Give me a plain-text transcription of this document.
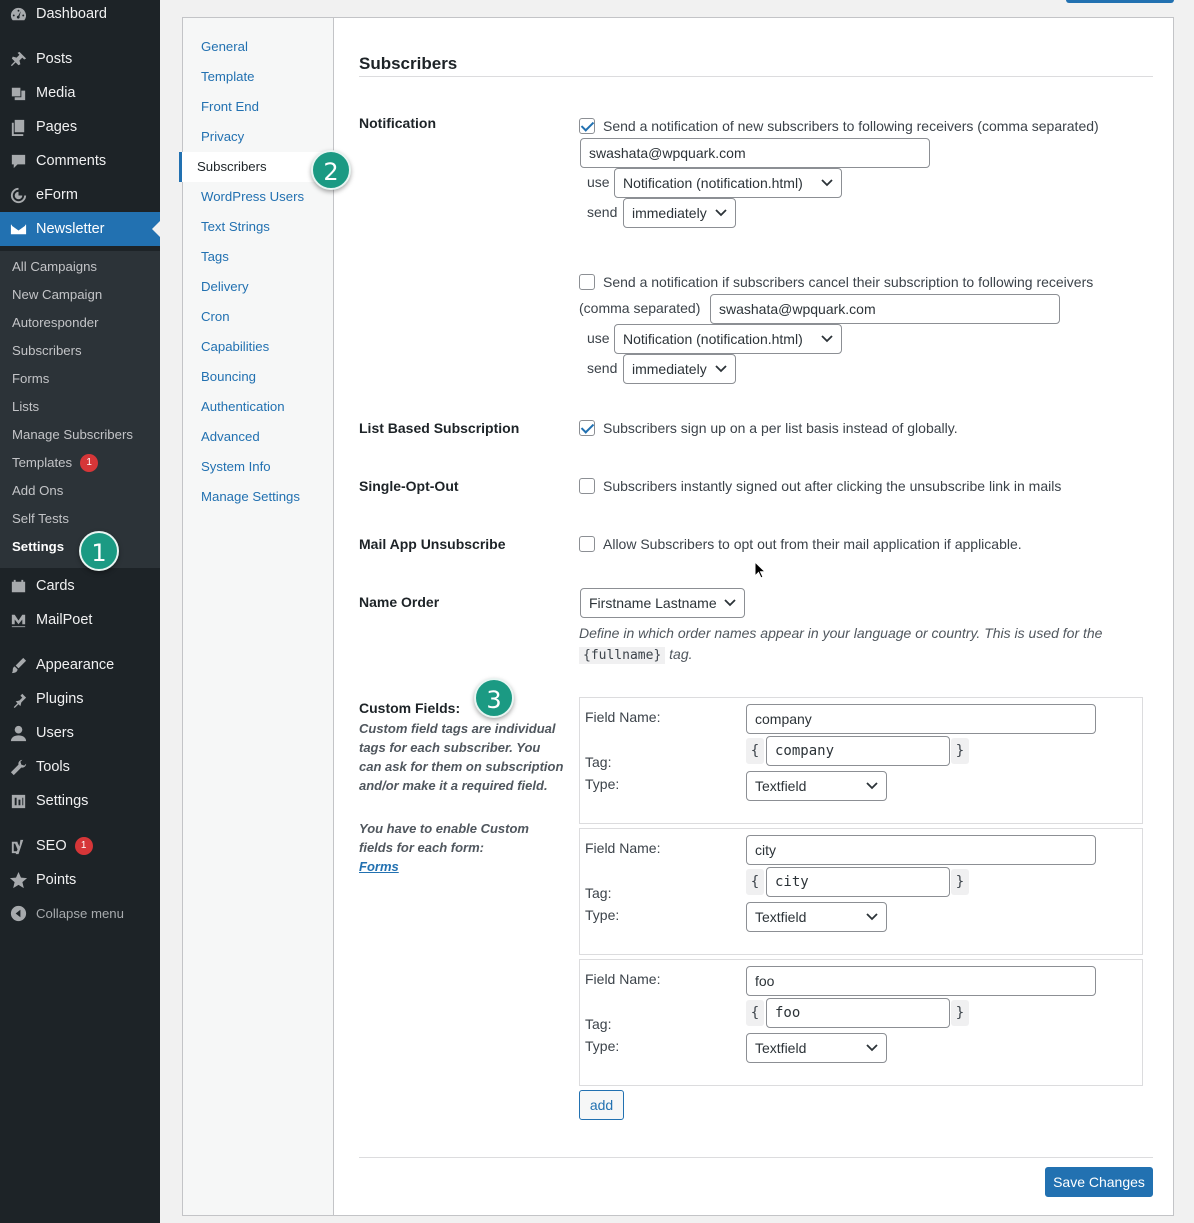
All Campaigns
New Campaign
Autoresponder
Subscribers
Forms
Lists
Manage Subscribers
Templates	1
Add Ons
Self Tests
Settings
Dashboard
Posts
Media
Pages
Comments
eForm
Newsletter
Cards
MailPoet
Appearance
Plugins
Users
Tools
Settings
SEO	1
Points
Collapse menu
1
General
Template
Front End
Privacy
Subscribers
WordPress Users
Text Strings
Tags
Delivery
Cron
Capabilities
Bouncing
Authentication
Advanced
System Info
Manage Settings
2
Subscribers
Notification	Send a notification of new subscribers to following receivers (comma separated)
swashata@wpquark.com
use Notification (notification.html)
send	immediately
Send a notification if subscribers cancel their subscription to following receivers
(comma separated)	swashata@wpquark.com
use Notification (notification.html)
send	immediately
List Based Subscription	Subscribers sign up on a per list basis instead of globally.
Single-Opt-Out	Subscribers instantly signed out after clicking the unsubscribe link in mails
Mail App Unsubscribe	Allow Subscribers to opt out from their mail application if applicable.
Name Order	Firstname Lastname
Define in which order names appear in your language or country. This is used for the {fullname} tag.
Custom Fields:	3
Custom field tags are individual tags for each subscriber. You can ask for them on subscription and/or make it a required field.
You have to enable Custom fields for each form:
Forms
Field Name:	company
{	company	}
Tag:
Type:	Textfield
Field Name:	city
{	city	}
Tag:
Type:	Textfield
Field Name:	foo
{	foo	}
Tag:
Type:	Textfield
add
Save Changes
